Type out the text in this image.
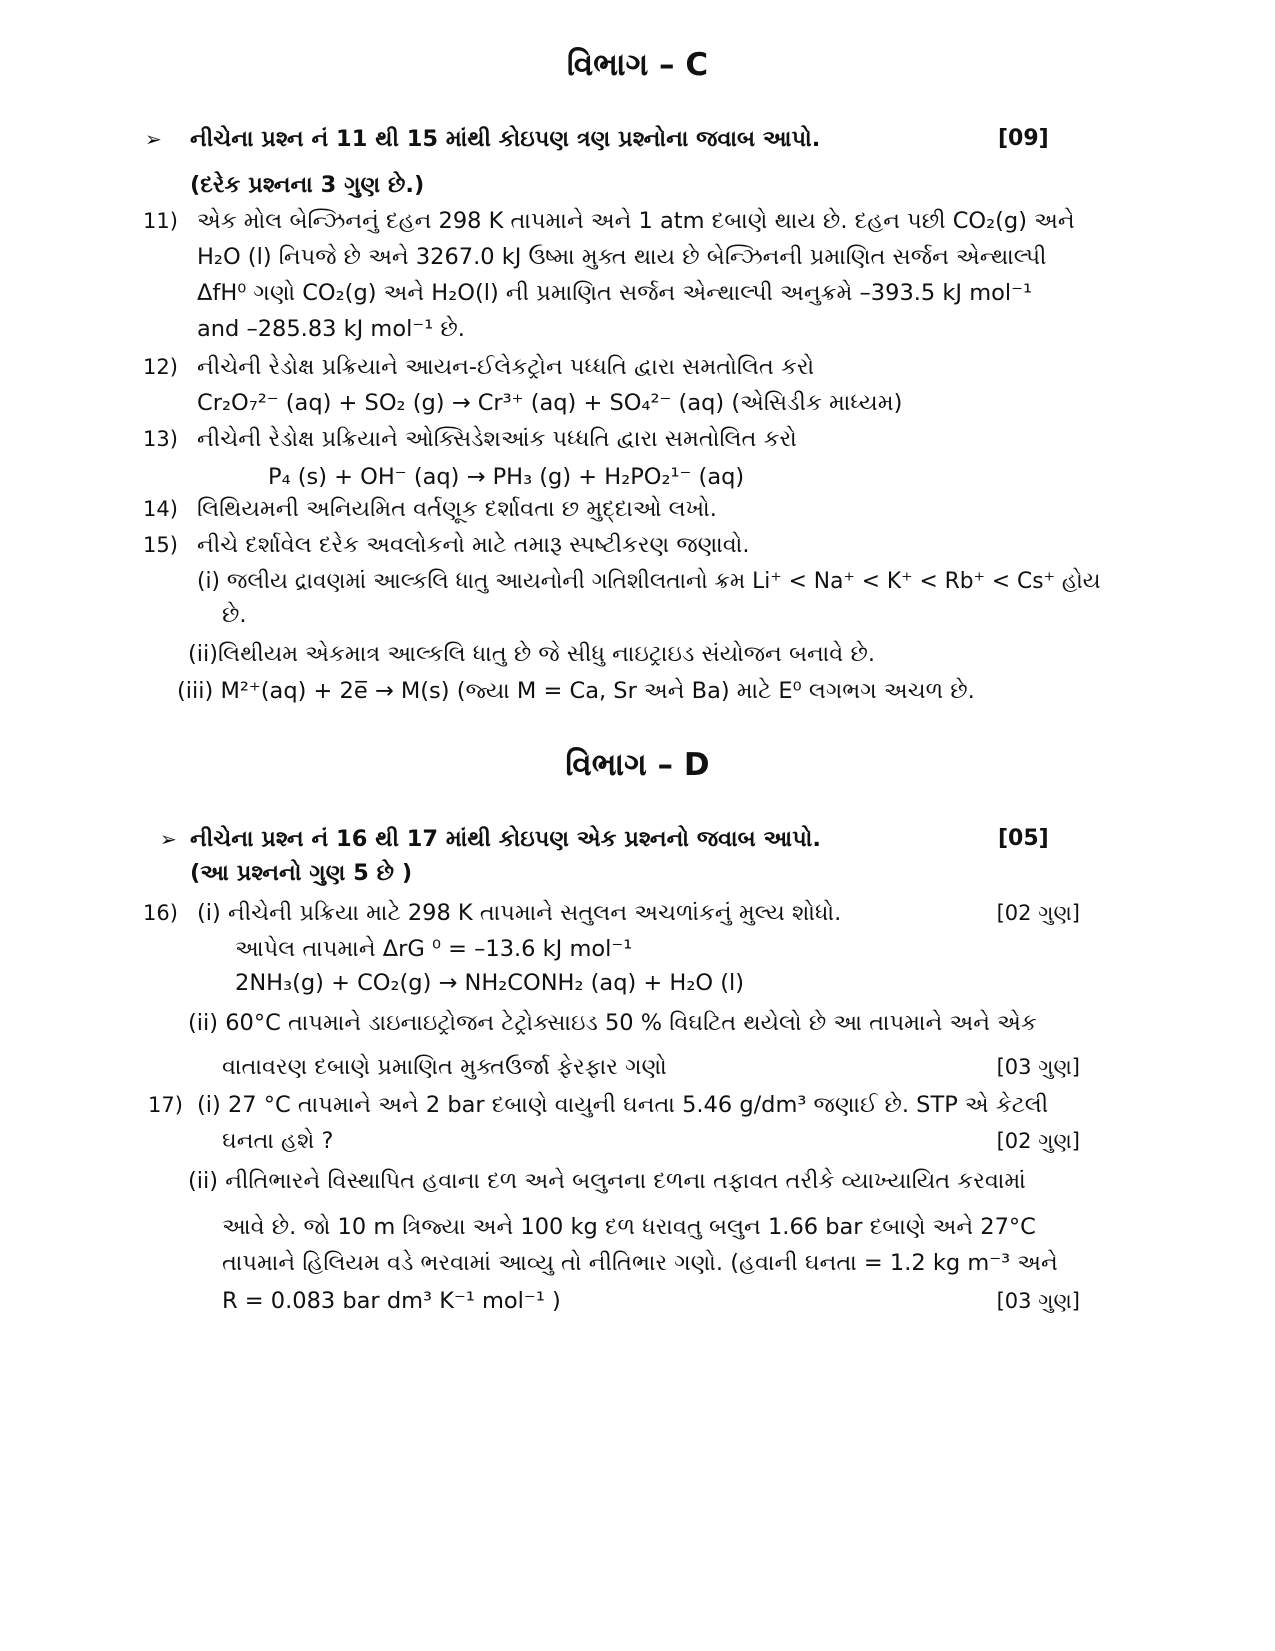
વિભાગ – C
➢ નીચેના પ્રશ્ન નં 11 થી 15 માંથી કોઇપણ ત્રણ પ્રશ્નોના જવાબ આપો.	[09]
(દરેક પ્રશ્નના 3 ગુણ છે.)
11) એક મોલ બેન્ઝિનનું દહન 298 K તાપમાને અને 1 atm દબાણે થાય છે. દહન પછી CO₂(g) અને
H₂O (l) નિપજે છે અને 3267.0 kJ ઉષ્મા મુક્ત થાય છે બેન્ઝિનની પ્રમાણિત સર્જન એન્થાલ્પી
ΔfH⁰ ગણો CO₂(g) અને H₂O(l) ની પ્રમાણિત સર્જન એન્થાલ્પી અનુક્રમે –393.5 kJ mol⁻¹
and –285.83 kJ mol⁻¹ છે.
12) નીચેની રેડોક્ષ પ્રક્રિયાને આયન-ઈલેકટ્રોન પધ્ધતિ દ્વારા સમતોલિત કરો
Cr₂O₇²⁻ (aq) + SO₂ (g) → Cr³⁺ (aq) + SO₄²⁻ (aq) (એસિડીક માધ્યમ)
13) નીચેની રેડોક્ષ પ્રક્રિયાને ઓક્સિડેશઆંક પધ્ધતિ દ્વારા સમતોલિત કરો
P₄ (s) + OH⁻ (aq) → PH₃ (g) + H₂PO₂¹⁻ (aq)
14) લિથિયમની અનિયમિત વર્તણૂક દર્શાવતા છ મુદ્દાઓ લખો.
15) નીચે દર્શાવેલ દરેક અવલોકનો માટે તમારૂ સ્પષ્ટીકરણ જણાવો.
(i) જલીય દ્રાવણમાં આલ્કલિ ધાતુ આયનોની ગતિશીલતાનો ક્રમ Li⁺ < Na⁺ < K⁺ < Rb⁺ < Cs⁺ હોય
છે.
(ii)લિથીયમ એકમાત્ર આલ્કલિ ધાતુ છે જે સીધુ નાઇટ્રાઇડ સંયોજન બનાવે છે.
(iii) M²⁺(aq) + 2e̅ → M(s) (જ્યા M = Ca, Sr અને Ba) માટે E⁰ લગભગ અચળ છે.
વિભાગ – D
➢ નીચેના પ્રશ્ન નં 16 થી 17 માંથી કોઇપણ એક પ્રશ્નનો જવાબ આપો.	[05]
(આ પ્રશ્નનો ગુણ 5 છે )
16) (i) નીચેની પ્રક્રિયા માટે 298 K તાપમાને સતુલન અચળાંકનું મુલ્ય શોધો.	[02 ગુણ]
આપેલ તાપમાને ΔrG ⁰ = –13.6 kJ mol⁻¹
2NH₃(g) + CO₂(g) → NH₂CONH₂ (aq) + H₂O (l)
(ii) 60°C તાપમાને ડાઇનાઇટ્રોજન ટેટ્રોક્સાઇડ 50 % વિઘટિત થયેલો છે આ તાપમાને અને એક
વાતાવરણ દબાણે પ્રમાણિત મુક્તઉર્જા ફેરફાર ગણો	[03 ગુણ]
17) (i) 27 °C તાપમાને અને 2 bar દબાણે વાયુની ઘનતા 5.46 g/dm³ જણાઈ છે. STP એ કેટલી
ઘનતા હશે ?	[02 ગુણ]
(ii) નીતિભારને વિસ્થાપિત હવાના દળ અને બલુનના દળના તફાવત તરીકે વ્યાખ્યાયિત કરવામાં
આવે છે. જો 10 m ત્રિજ્યા અને 100 kg દળ ધરાવતુ બલુન 1.66 bar દબાણે અને 27°C
તાપમાને હિલિયમ વડે ભરવામાં આવ્યુ તો નીતિભાર ગણો. (હવાની ઘનતા = 1.2 kg m⁻³ અને
R = 0.083 bar dm³ K⁻¹ mol⁻¹ )	[03 ગુણ]
